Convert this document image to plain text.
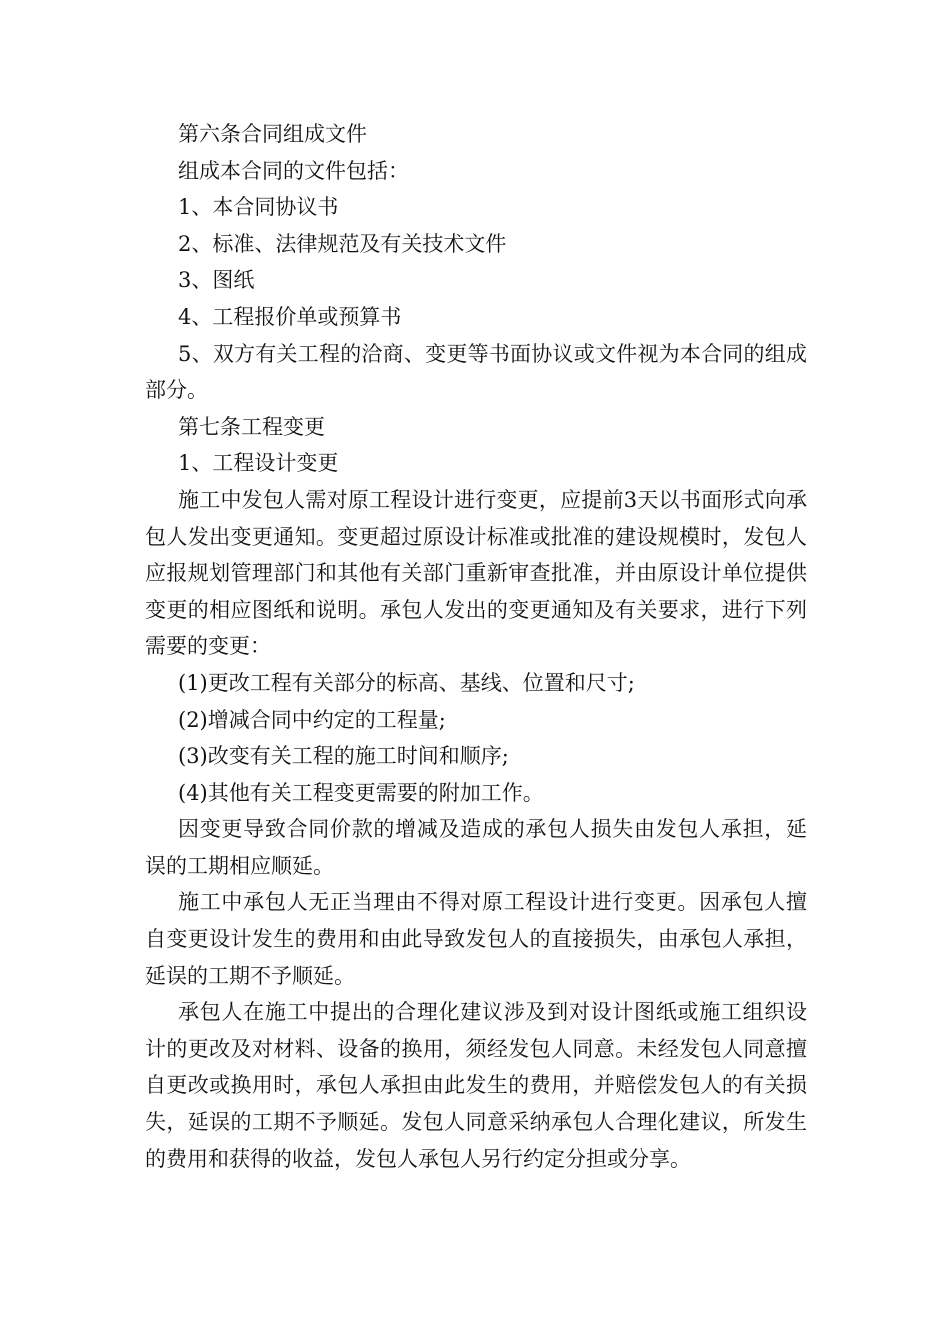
第六条合同组成文件

组成本合同的文件包括：

1、本合同协议书

2、标准、法律规范及有关技术文件

3、图纸

4、工程报价单或预算书

5、双方有关工程的洽商、变更等书面协议或文件视为本合同的组成部分。

第七条工程变更

1、工程设计变更

施工中发包人需对原工程设计进行变更，应提前3天以书面形式向承包人发出变更通知。变更超过原设计标准或批准的建设规模时，发包人应报规划管理部门和其他有关部门重新审查批准，并由原设计单位提供变更的相应图纸和说明。承包人发出的变更通知及有关要求，进行下列需要的变更：

(1)更改工程有关部分的标高、基线、位置和尺寸;

(2)增减合同中约定的工程量;

(3)改变有关工程的施工时间和顺序;

(4)其他有关工程变更需要的附加工作。

因变更导致合同价款的增减及造成的承包人损失由发包人承担，延误的工期相应顺延。

施工中承包人无正当理由不得对原工程设计进行变更。因承包人擅自变更设计发生的费用和由此导致发包人的直接损失，由承包人承担，延误的工期不予顺延。

承包人在施工中提出的合理化建议涉及到对设计图纸或施工组织设计的更改及对材料、设备的换用，须经发包人同意。未经发包人同意擅自更改或换用时，承包人承担由此发生的费用，并赔偿发包人的有关损失，延误的工期不予顺延。发包人同意采纳承包人合理化建议，所发生的费用和获得的收益，发包人承包人另行约定分担或分享。
